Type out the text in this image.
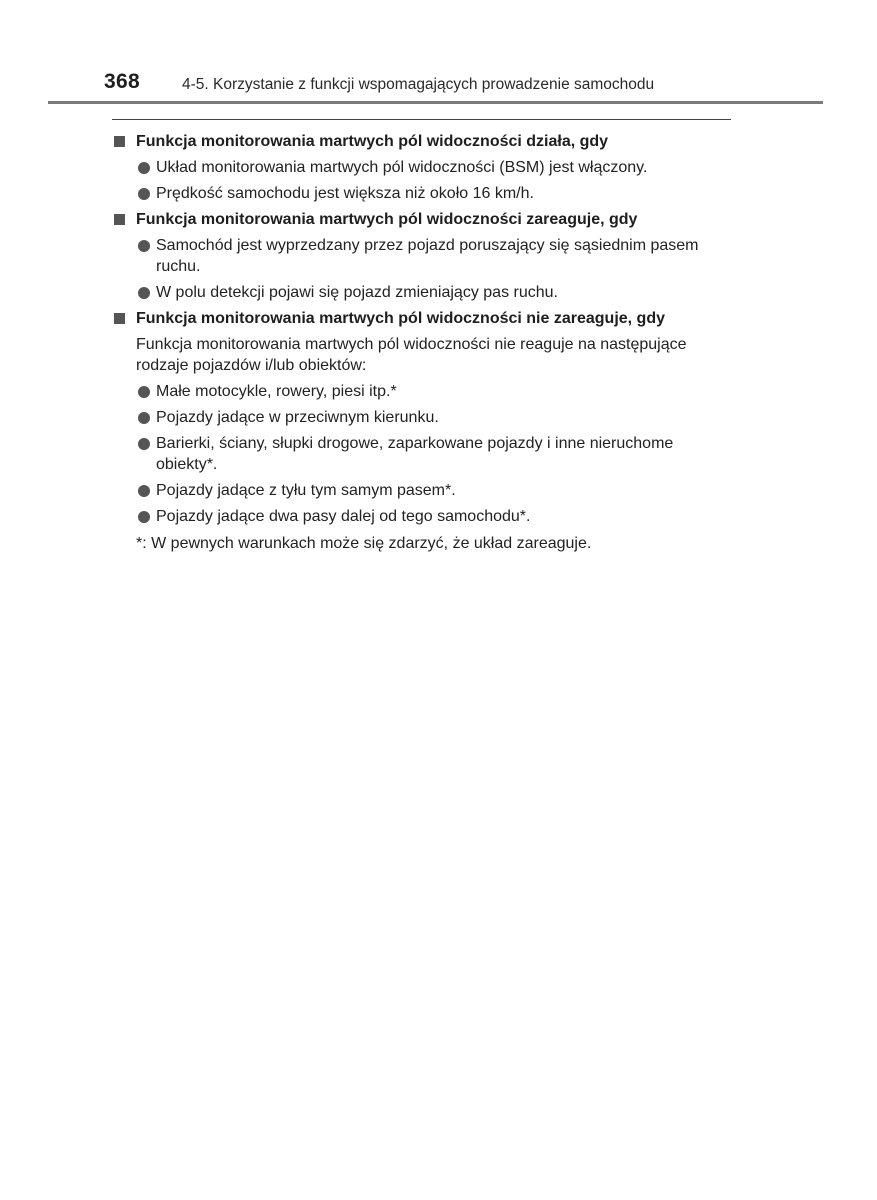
368	4-5. Korzystanie z funkcji wspomagających prowadzenie samochodu
Funkcja monitorowania martwych pól widoczności działa, gdy
Układ monitorowania martwych pól widoczności (BSM) jest włączony.
Prędkość samochodu jest większa niż około 16 km/h.
Funkcja monitorowania martwych pól widoczności zareaguje, gdy
Samochód jest wyprzedzany przez pojazd poruszający się sąsiednim pasem ruchu.
W polu detekcji pojawi się pojazd zmieniający pas ruchu.
Funkcja monitorowania martwych pól widoczności nie zareaguje, gdy
Funkcja monitorowania martwych pól widoczności nie reaguje na następujące rodzaje pojazdów i/lub obiektów:
Małe motocykle, rowery, piesi itp.*
Pojazdy jadące w przeciwnym kierunku.
Barierki, ściany, słupki drogowe, zaparkowane pojazdy i inne nieruchome obiekty*.
Pojazdy jadące z tyłu tym samym pasem*.
Pojazdy jadące dwa pasy dalej od tego samochodu*.
*: W pewnych warunkach może się zdarzyć, że układ zareaguje.
